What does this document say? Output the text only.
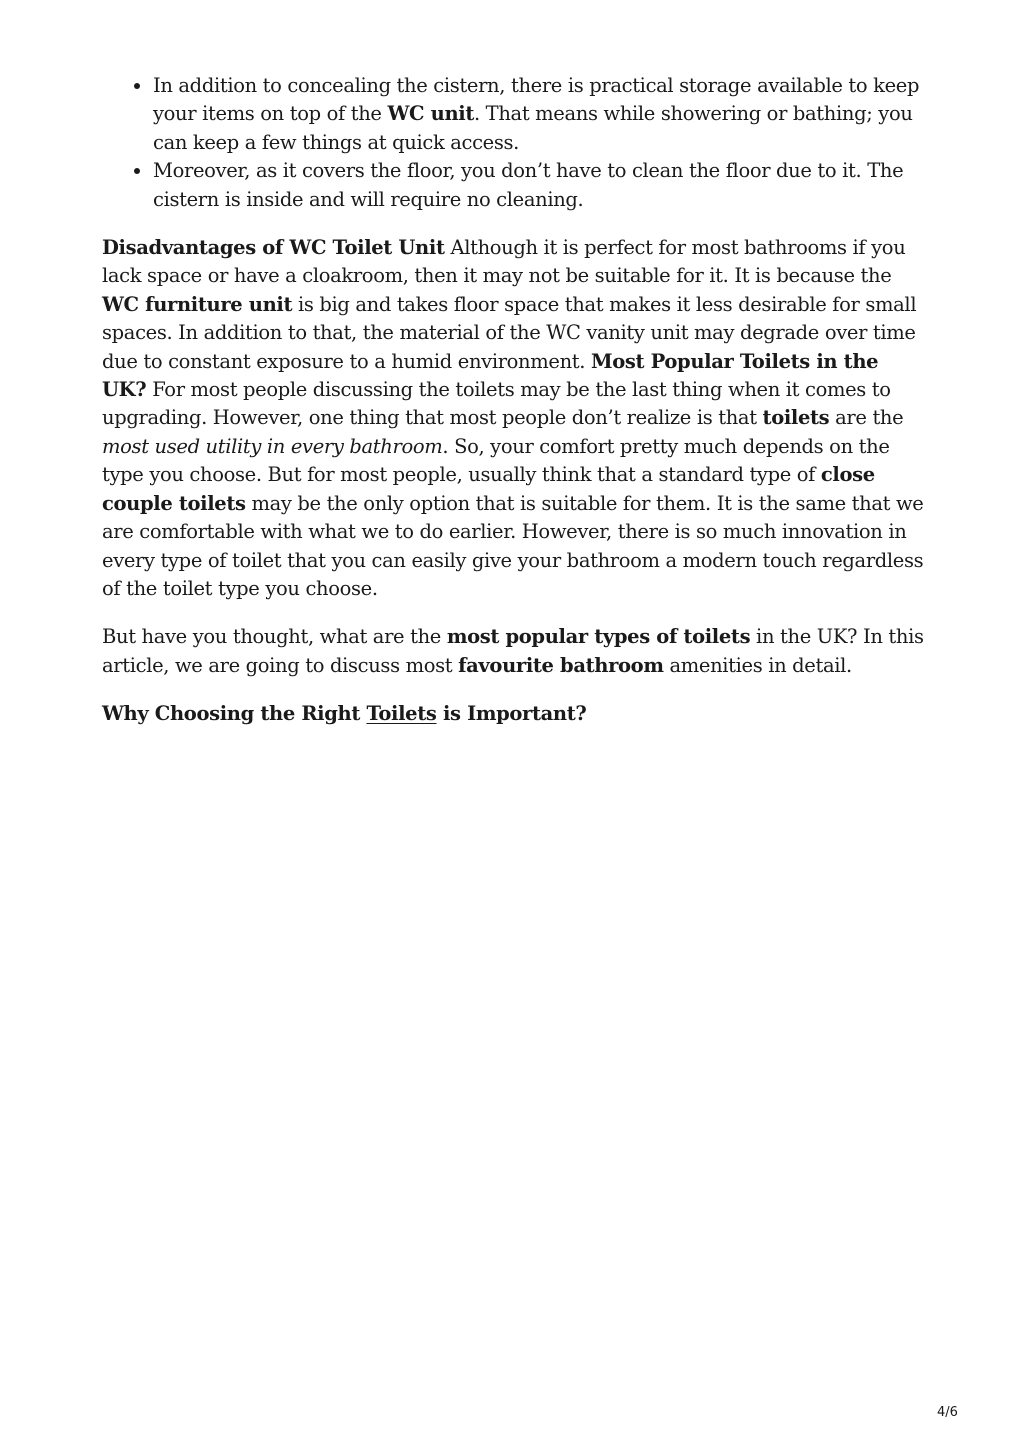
In addition to concealing the cistern, there is practical storage available to keep your items on top of the WC unit. That means while showering or bathing; you can keep a few things at quick access.
Moreover, as it covers the floor, you don’t have to clean the floor due to it. The cistern is inside and will require no cleaning.

Disadvantages of WC Toilet Unit Although it is perfect for most bathrooms if you lack space or have a cloakroom, then it may not be suitable for it. It is because the WC furniture unit is big and takes floor space that makes it less desirable for small spaces. In addition to that, the material of the WC vanity unit may degrade over time due to constant exposure to a humid environment. Most Popular Toilets in the UK? For most people discussing the toilets may be the last thing when it comes to upgrading. However, one thing that most people don’t realize is that toilets are the most used utility in every bathroom. So, your comfort pretty much depends on the type you choose. But for most people, usually think that a standard type of close couple toilets may be the only option that is suitable for them. It is the same that we are comfortable with what we to do earlier. However, there is so much innovation in every type of toilet that you can easily give your bathroom a modern touch regardless of the toilet type you choose.

But have you thought, what are the most popular types of toilets in the UK? In this article, we are going to discuss most favourite bathroom amenities in detail.

Why Choosing the Right Toilets is Important?

4/6
